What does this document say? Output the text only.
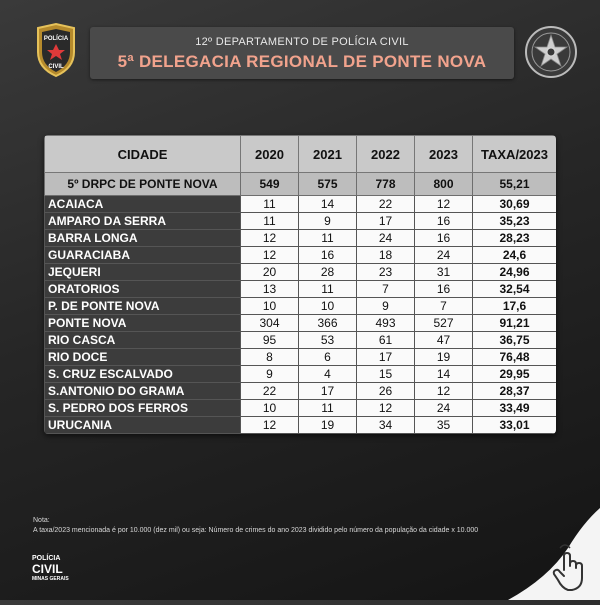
POLÍCIA
CIVIL
12º DEPARTAMENTO DE POLÍCIA CIVIL
5ª DELEGACIA REGIONAL DE PONTE NOVA
CIDADE	2020	2021	2022	2023	TAXA/2023
5º DRPC DE PONTE NOVA	549	575	778	800	55,21
ACAIACA	11	14	22	12	30,69
AMPARO DA SERRA	11	9	17	16	35,23
BARRA LONGA	12	11	24	16	28,23
GUARACIABA	12	16	18	24	24,6
JEQUERI	20	28	23	31	24,96
ORATORIOS	13	11	7	16	32,54
P. DE PONTE NOVA	10	10	9	7	17,6
PONTE NOVA	304	366	493	527	91,21
RIO CASCA	95	53	61	47	36,75
RIO DOCE	8	6	17	19	76,48
S. CRUZ ESCALVADO	9	4	15	14	29,95
S.ANTONIO DO GRAMA	22	17	26	12	28,37
S. PEDRO DOS FERROS	10	11	12	24	33,49
URUCANIA	12	19	34	35	33,01
Nota:
A taxa/2023 mencionada é por 10.000 (dez mil) ou seja: Número de crimes do ano 2023 dividido pelo número da população da cidade x 10.000
POLÍCIA
CIVIL
MINAS GERAIS
